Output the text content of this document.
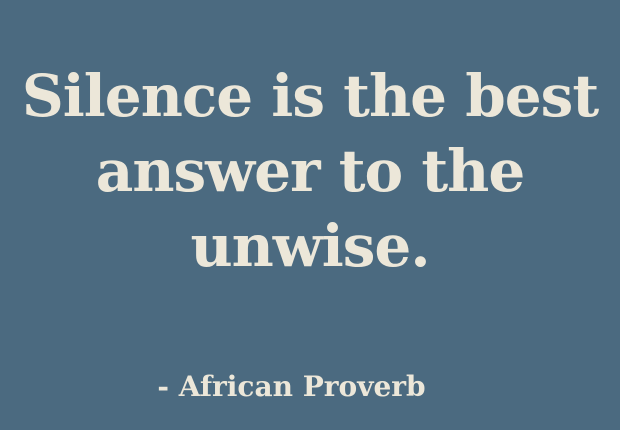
Silence is the best
answer to the
unwise.
- African Proverb
